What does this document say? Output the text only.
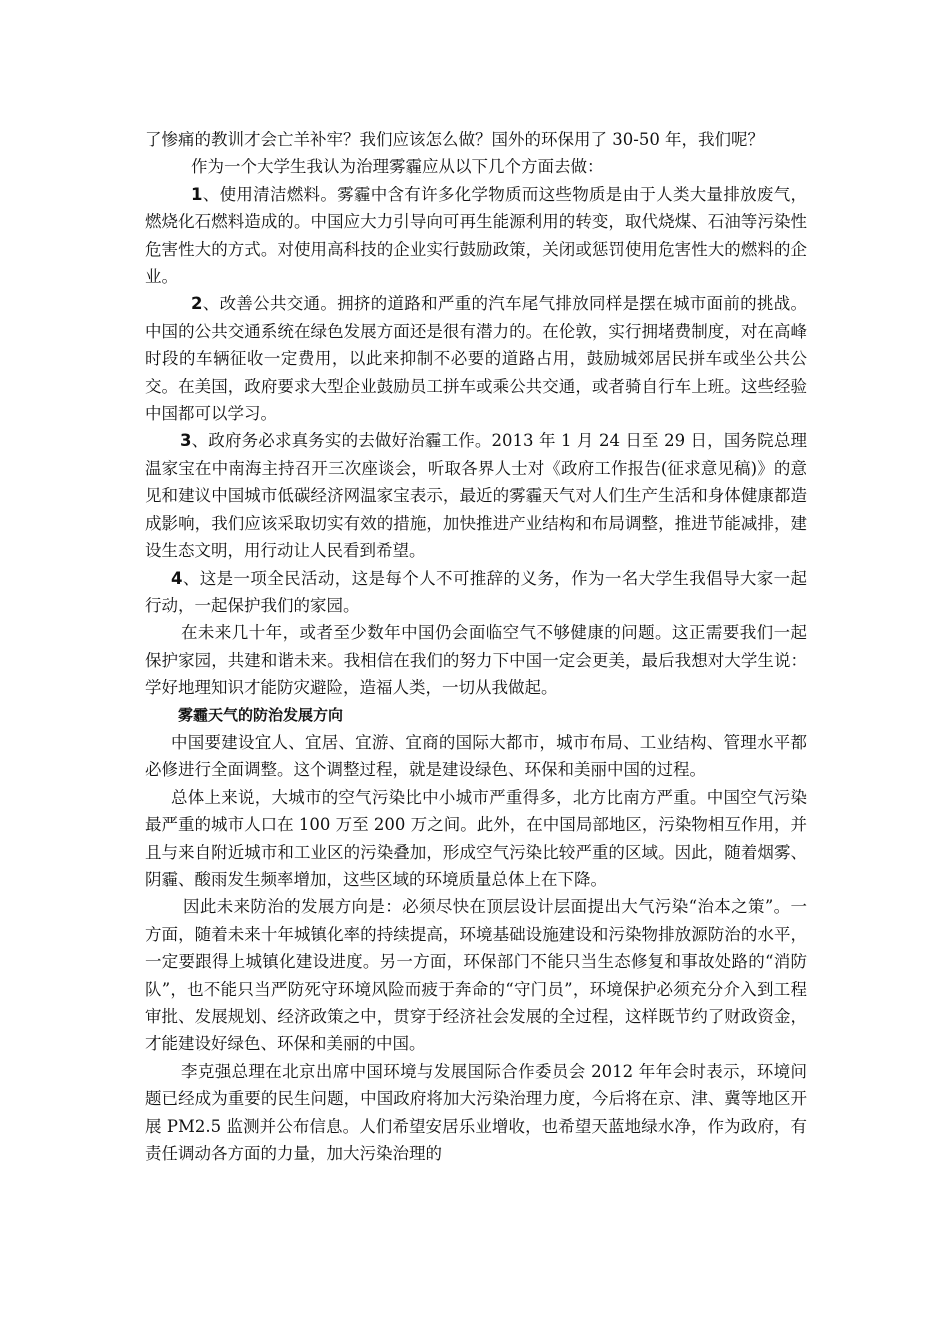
了惨痛的教训才会亡羊补牢？我们应该怎么做？国外的环保用了 30-50 年，我们呢？

作为一个大学生我认为治理雾霾应从以下几个方面去做：

1、使用清洁燃料。雾霾中含有许多化学物质而这些物质是由于人类大量排放废气，燃烧化石燃料造成的。中国应大力引导向可再生能源利用的转变，取代烧煤、石油等污染性危害性大的方式。对使用高科技的企业实行鼓励政策，关闭或惩罚使用危害性大的燃料的企业。

2、改善公共交通。拥挤的道路和严重的汽车尾气排放同样是摆在城市面前的挑战。中国的公共交通系统在绿色发展方面还是很有潜力的。在伦敦，实行拥堵费制度，对在高峰时段的车辆征收一定费用，以此来抑制不必要的道路占用，鼓励城郊居民拼车或坐公共公交。在美国，政府要求大型企业鼓励员工拼车或乘公共交通，或者骑自行车上班。这些经验中国都可以学习。

3、政府务必求真务实的去做好治霾工作。2013 年 1 月 24 日至 29 日，国务院总理 温家宝在中南海主持召开三次座谈会，听取各界人士对《政府工作报告(征求意见稿)》的意见和建议中国城市低碳经济网温家宝表示，最近的雾霾天气对人们生产生活和身体健康都造成影响，我们应该采取切实有效的措施，加快推进产业结构和布局调整，推进节能减排，建设生态文明，用行动让人民看到希望。

4、这是一项全民活动，这是每个人不可推辞的义务，作为一名大学生我倡导大家一起行动，一起保护我们的家园。

在未来几十年，或者至少数年中国仍会面临空气不够健康的问题。这正需要我们一起保护家园，共建和谐未来。我相信在我们的努力下中国一定会更美，最后我想对大学生说：学好地理知识才能防灾避险，造福人类，一切从我做起。

雾霾天气的防治发展方向

中国要建设宜人、宜居、宜游、宜商的国际大都市，城市布局、工业结构、管理水平都必修进行全面调整。这个调整过程，就是建设绿色、环保和美丽中国的过程。

总体上来说，大城市的空气污染比中小城市严重得多，北方比南方严重。中国空气污染最严重的城市人口在 100 万至 200 万之间。此外，在中国局部地区，污染物相互作用，并且与来自附近城市和工业区的污染叠加，形成空气污染比较严重的区域。因此，随着烟雾、阴霾、酸雨发生频率增加，这些区域的环境质量总体上在下降。

因此未来防治的发展方向是：必须尽快在顶层设计层面提出大气污染“治本之策”。一方面，随着未来十年城镇化率的持续提高，环境基础设施建设和污染物排放源防治的水平，一定要跟得上城镇化建设进度。另一方面，环保部门不能只当生态修复和事故处路的“消防队”，也不能只当严防死守环境风险而疲于奔命的“守门员”，环境保护必须充分介入到工程审批、发展规划、经济政策之中，贯穿于经济社会发展的全过程，这样既节约了财政资金，才能建设好绿色、环保和美丽的中国。

李克强总理在北京出席中国环境与发展国际合作委员会 2012 年年会时表示，环境问题已经成为重要的民生问题，中国政府将加大污染治理力度，今后将在京、津、冀等地区开展 PM2.5 监测并公布信息。人们希望安居乐业增收，也希望天蓝地绿水净，作为政府，有责任调动各方面的力量，加大污染治理的
